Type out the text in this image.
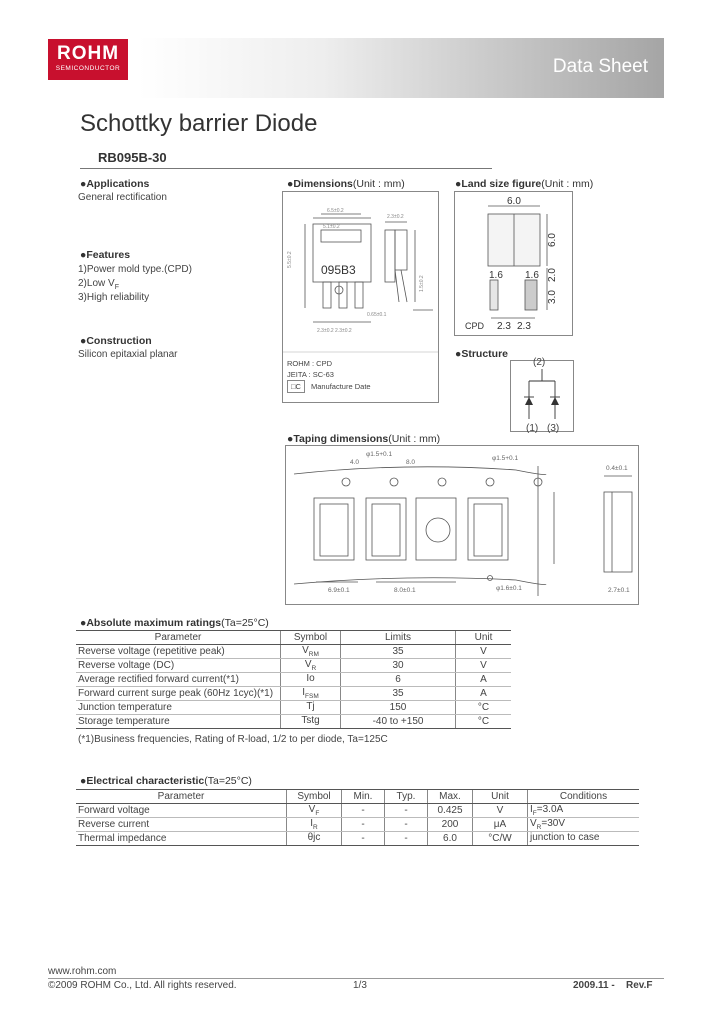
ROHM
SEMICONDUCTOR	Data Sheet
Schottky barrier Diode
RB095B-30
●Applications
General rectification
●Features
1)Power mold type.(CPD)
2)Low $V_F$
3)High reliability
●Construction
Silicon epitaxial planar
●Dimensions(Unit : mm)
6.5±0.2
5.1±0.2
2.3±0.2
5.5±0.2
1.5±0.2
2.3±0.2 2.3±0.2
0.65±0.1
095B3
ROHM : CPD
JEITA : SC-63
□C Manufacture Date
●Land size figure(Unit : mm)
6.0
6.0
2.0
3.0
1.6 1.6
CPD 2.3 2.3
●Structure
(2)
(1) (3)
●Taping dimensions(Unit : mm)
4.0	8.0
φ1.5+0.1
φ1.5+0.1
0.4±0.1
6.9±0.1	8.0±0.1	φ1.6±0.1	2.7±0.1
●Absolute maximum ratings(Ta=25°C)
Parameter	Symbol	Limits	Unit
Reverse voltage (repetitive peak)	$V_{RM}$	35	V
Reverse voltage (DC)	$V_R$	30	V
Average rectified forward current(*1)	Io	6	A
Forward current surge peak (60Hz 1cyc)(*1)	$I_{FSM}$	35	A
Junction temperature	Tj	150	°C
Storage temperature	Tstg	-40 to +150	°C
(*1)Business frequencies, Rating of R-load, 1/2 to per diode, Ta=125C
●Electrical characteristic(Ta=25°C)
Parameter	Symbol	Min.	Typ.	Max.	Unit	Conditions
Forward voltage	$V_F$	-	-	0.425	V	$I_F=3.0A$
Reverse current	$I_R$	-	-	200	μA	$V_R=30V$
Thermal impedance	θjc	-	-	6.0	°C/W	junction to case
www.rohm.com
©2009 ROHM Co., Ltd. All rights reserved.	1/3	2009.11 - Rev.F
